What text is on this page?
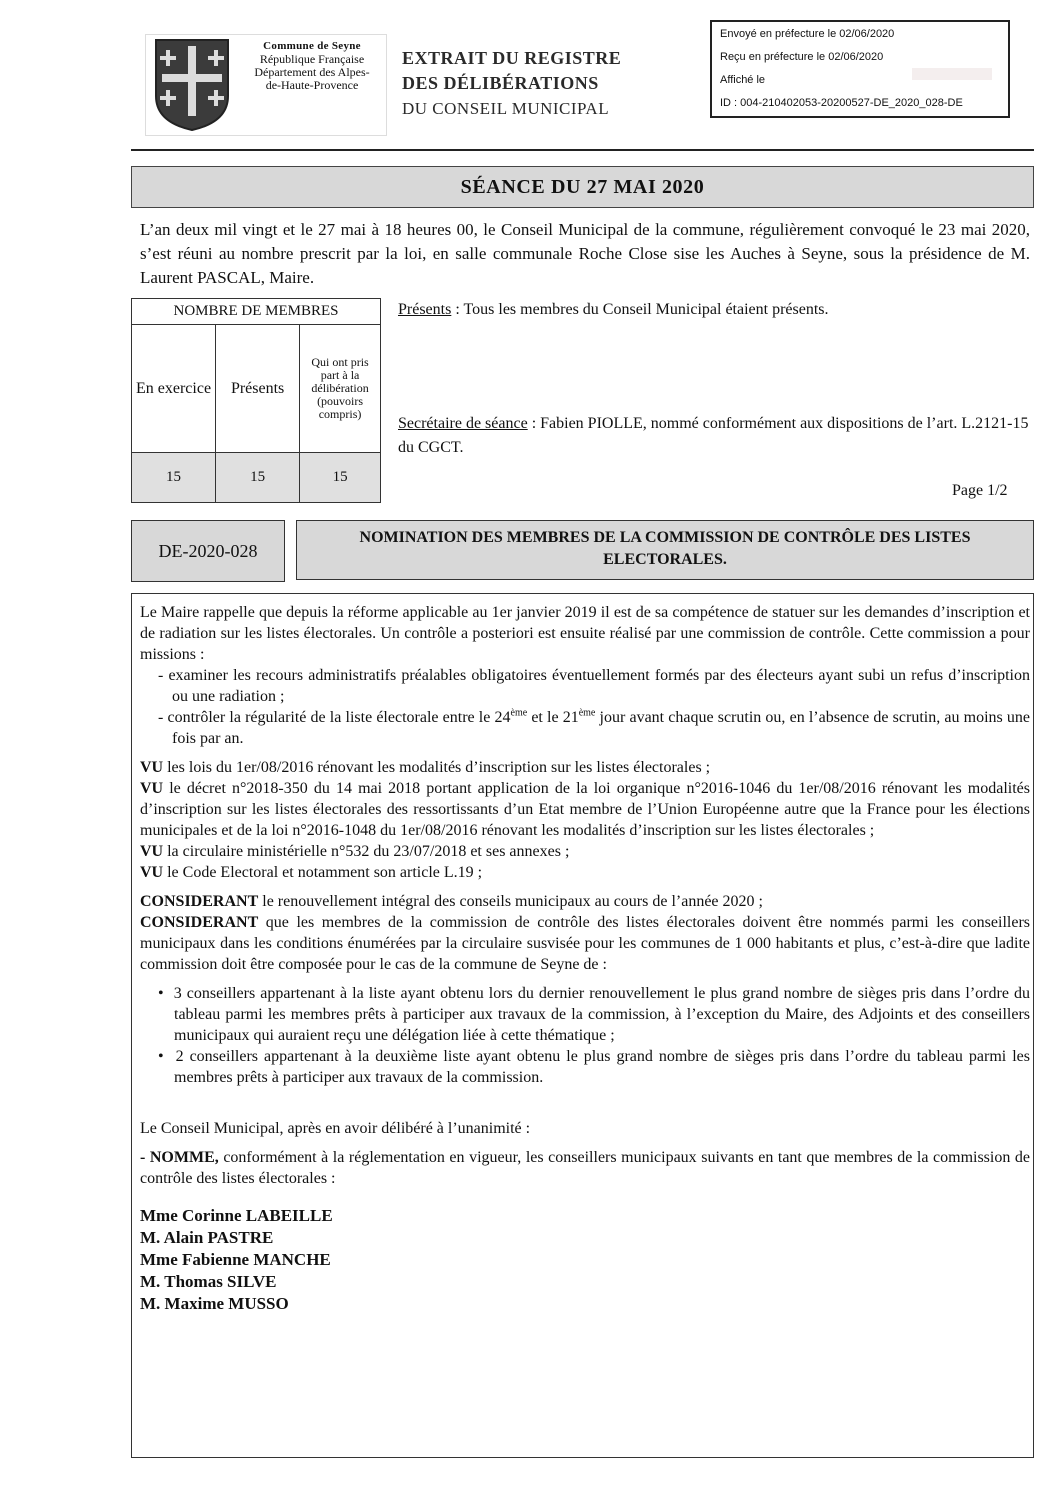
Commune de Seyne
République Française
Département des Alpes-
de-Haute-Provence
EXTRAIT DU REGISTRE
DES DÉLIBÉRATIONS
DU CONSEIL MUNICIPAL
Envoyé en préfecture le 02/06/2020
Reçu en préfecture le 02/06/2020
Affiché le
ID : 004-210402053-20200527-DE_2020_028-DE
SÉANCE DU 27 MAI 2020
L’an deux mil vingt et le 27 mai à 18 heures 00, le Conseil Municipal de la commune, régulièrement convoqué le 23 mai 2020, s’est réuni au nombre prescrit par la loi, en salle communale Roche Close sise les Auches à Seyne, sous la présidence de M. Laurent PASCAL, Maire.
NOMBRE DE MEMBRES		
En exercice	Présents	Qui ont pris part à la délibération (pouvoirs compris)
15	15	15
Présents : Tous les membres du Conseil Municipal étaient présents.
Secrétaire de séance : Fabien PIOLLE, nommé conformément aux dispositions de l’art. L.2121-15 du CGCT.
Page 1/2
DE-2020-028
NOMINATION DES MEMBRES DE LA COMMISSION DE CONTRÔLE DES LISTES ELECTORALES.

Le Maire rappelle que depuis la réforme applicable au 1er janvier 2019 il est de sa compétence de statuer sur les demandes d’inscription et de radiation sur les listes électorales. Un contrôle a posteriori est ensuite réalisé par une commission de contrôle. Cette commission a pour missions :

- examiner les recours administratifs préalables obligatoires éventuellement formés par des électeurs ayant subi un refus d’inscription ou une radiation ;

- contrôler la régularité de la liste électorale entre le 24ème et le 21ème jour avant chaque scrutin ou, en l’absence de scrutin, au moins une fois par an.

VU les lois du 1er/08/2016 rénovant les modalités d’inscription sur les listes électorales ;

VU le décret n°2018-350 du 14 mai 2018 portant application de la loi organique n°2016-1046 du 1er/08/2016 rénovant les modalités d’inscription sur les listes électorales des ressortissants d’un Etat membre de l’Union Européenne autre que la France pour les élections municipales et de la loi n°2016-1048 du 1er/08/2016 rénovant les modalités d’inscription sur les listes électorales ;

VU la circulaire ministérielle n°532 du 23/07/2018 et ses annexes ;

VU le Code Electoral et notamment son article L.19 ;

CONSIDERANT le renouvellement intégral des conseils municipaux au cours de l’année 2020 ;

CONSIDERANT que les membres de la commission de contrôle des listes électorales doivent être nommés parmi les conseillers municipaux dans les conditions énumérées par la circulaire susvisée pour les communes de 1 000 habitants et plus, c’est-à-dire que ladite commission doit être composée pour le cas de la commune de Seyne de :

•  3 conseillers appartenant à la liste ayant obtenu lors du dernier renouvellement le plus grand nombre de sièges pris dans l’ordre du tableau parmi les membres prêts à participer aux travaux de la commission, à l’exception du Maire, des Adjoints et des conseillers municipaux qui auraient reçu une délégation liée à cette thématique ;

•  2 conseillers appartenant à la deuxième liste ayant obtenu le plus grand nombre de sièges pris dans l’ordre du tableau parmi les membres prêts à participer aux travaux de la commission.

Le Conseil Municipal, après en avoir délibéré à l’unanimité :

- NOMME, conformément à la réglementation en vigueur, les conseillers municipaux suivants en tant que membres de la commission de contrôle des listes électorales :

Mme Corinne LABEILLE
M. Alain PASTRE
Mme Fabienne MANCHE
M. Thomas SILVE
M. Maxime MUSSO
